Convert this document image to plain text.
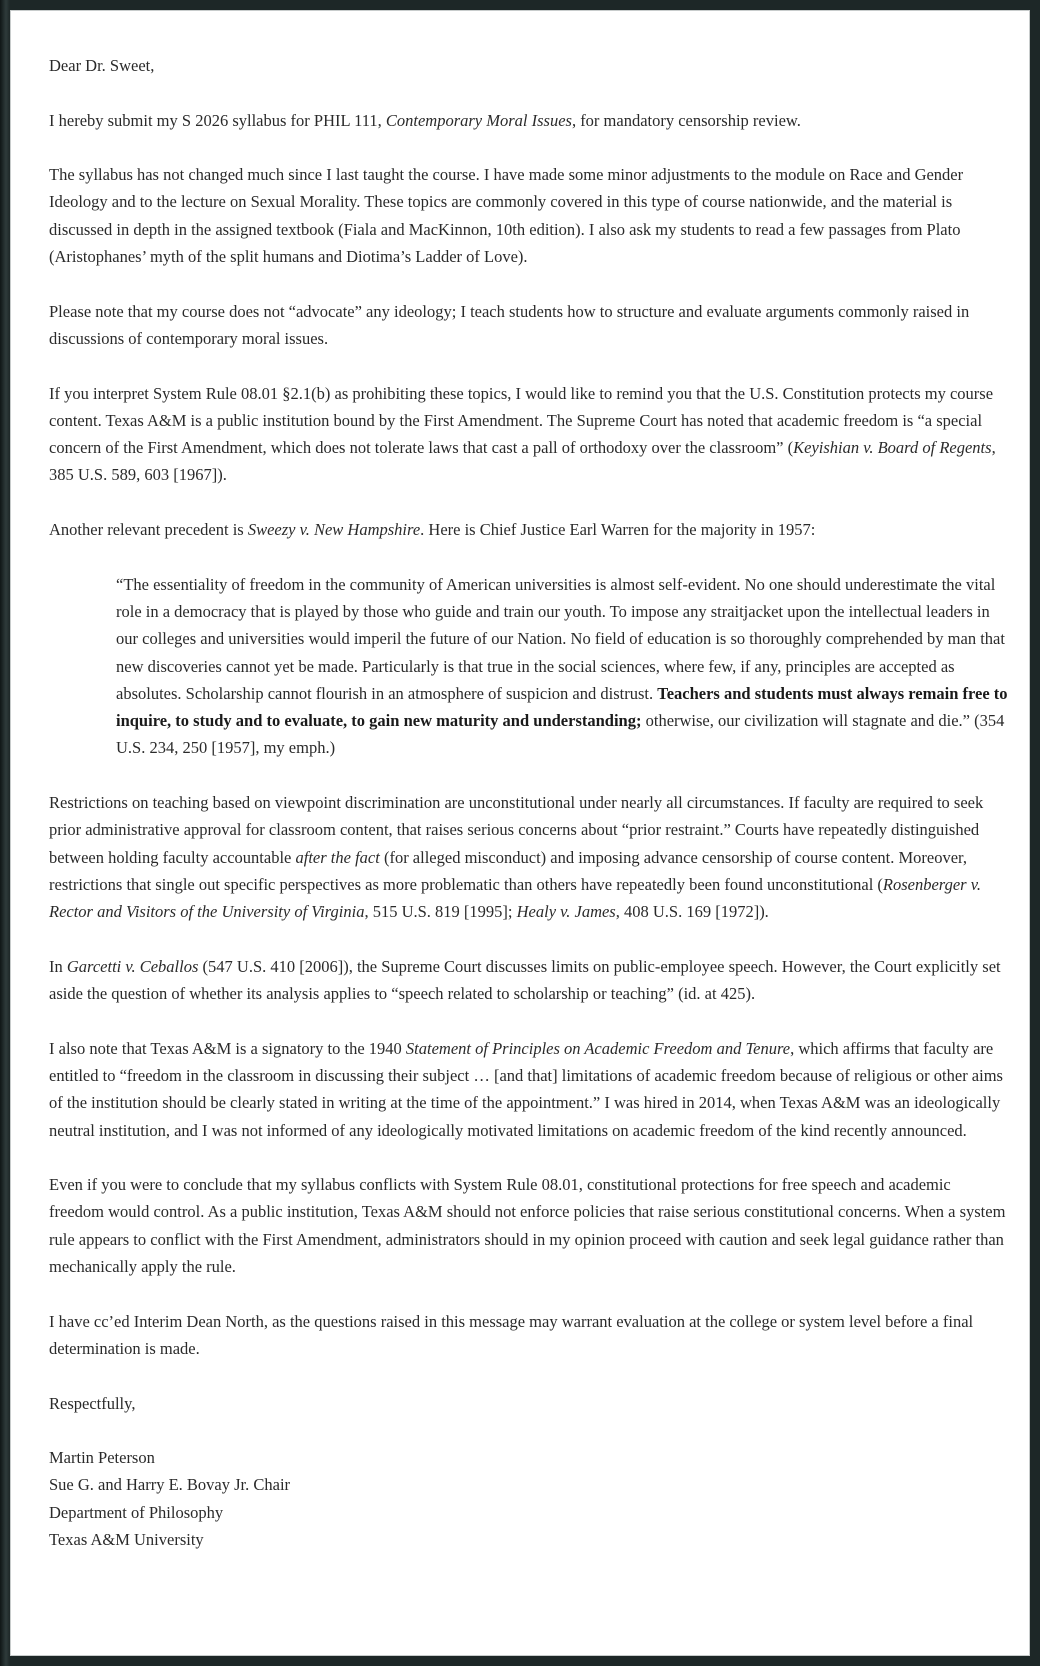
Dear Dr. Sweet,

I hereby submit my S 2026 syllabus for PHIL 111, Contemporary Moral Issues, for mandatory censorship review.

The syllabus has not changed much since I last taught the course. I have made some minor adjustments to the module on Race and Gender Ideology and to the lecture on Sexual Morality. These topics are commonly covered in this type of course nationwide, and the material is discussed in depth in the assigned textbook (Fiala and MacKinnon, 10th edition). I also ask my students to read a few passages from Plato (Aristophanes’ myth of the split humans and Diotima’s Ladder of Love).

Please note that my course does not “advocate” any ideology; I teach students how to structure and evaluate arguments commonly raised in discussions of contemporary moral issues.

If you interpret System Rule 08.01 §2.1(b) as prohibiting these topics, I would like to remind you that the U.S. Constitution protects my course content. Texas A&M is a public institution bound by the First Amendment. The Supreme Court has noted that academic freedom is “a special concern of the First Amendment, which does not tolerate laws that cast a pall of orthodoxy over the classroom” (Keyishian v. Board of Regents, 385 U.S. 589, 603 [1967]).

Another relevant precedent is Sweezy v. New Hampshire. Here is Chief Justice Earl Warren for the majority in 1957:

“The essentiality of freedom in the community of American universities is almost self-evident. No one should underestimate the vital role in a democracy that is played by those who guide and train our youth. To impose any straitjacket upon the intellectual leaders in our colleges and universities would imperil the future of our Nation. No field of education is so thoroughly comprehended by man that new discoveries cannot yet be made. Particularly is that true in the social sciences, where few, if any, principles are accepted as absolutes. Scholarship cannot flourish in an atmosphere of suspicion and distrust. Teachers and students must always remain free to inquire, to study and to evaluate, to gain new maturity and understanding; otherwise, our civilization will stagnate and die.” (354 U.S. 234, 250 [1957], my emph.)

Restrictions on teaching based on viewpoint discrimination are unconstitutional under nearly all circumstances. If faculty are required to seek prior administrative approval for classroom content, that raises serious concerns about “prior restraint.” Courts have repeatedly distinguished between holding faculty accountable after the fact (for alleged misconduct) and imposing advance censorship of course content. Moreover, restrictions that single out specific perspectives as more problematic than others have repeatedly been found unconstitutional (Rosenberger v. Rector and Visitors of the University of Virginia, 515 U.S. 819 [1995]; Healy v. James, 408 U.S. 169 [1972]).

In Garcetti v. Ceballos (547 U.S. 410 [2006]), the Supreme Court discusses limits on public-employee speech. However, the Court explicitly set aside the question of whether its analysis applies to “speech related to scholarship or teaching” (id. at 425).

I also note that Texas A&M is a signatory to the 1940 Statement of Principles on Academic Freedom and Tenure, which affirms that faculty are entitled to “freedom in the classroom in discussing their subject … [and that] limitations of academic freedom because of religious or other aims of the institution should be clearly stated in writing at the time of the appointment.” I was hired in 2014, when Texas A&M was an ideologically neutral institution, and I was not informed of any ideologically motivated limitations on academic freedom of the kind recently announced.

Even if you were to conclude that my syllabus conflicts with System Rule 08.01, constitutional protections for free speech and academic freedom would control. As a public institution, Texas A&M should not enforce policies that raise serious constitutional concerns. When a system rule appears to conflict with the First Amendment, administrators should in my opinion proceed with caution and seek legal guidance rather than mechanically apply the rule.

I have cc’ed Interim Dean North, as the questions raised in this message may warrant evaluation at the college or system level before a final determination is made.

Respectfully,

Martin Peterson

Sue G. and Harry E. Bovay Jr. Chair

Department of Philosophy

Texas A&M University
